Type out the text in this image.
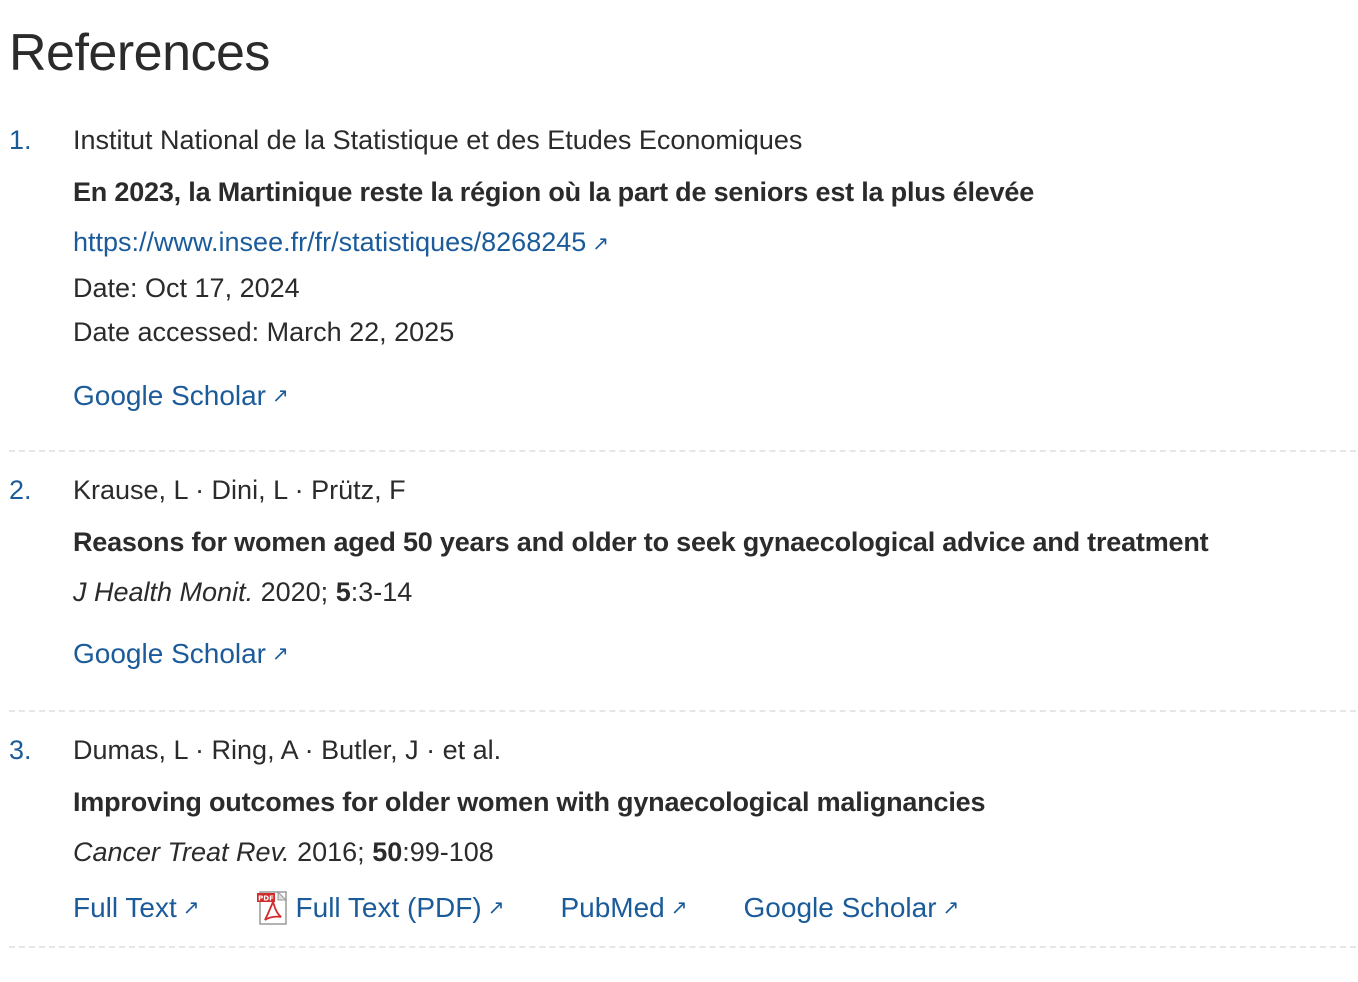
References
1. Institut National de la Statistique et des Etudes Economiques

En 2023, la Martinique reste la région où la part de seniors est la plus élevée

https://www.insee.fr/fr/statistiques/8268245 ↗

Date: Oct 17, 2024

Date accessed: March 22, 2025

Google Scholar ↗
2. Krause, L · Dini, L · Prütz, F

Reasons for women aged 50 years and older to seek gynaecological advice and treatment

J Health Monit. 2020; 5:3-14

Google Scholar ↗
3. Dumas, L · Ring, A · Butler, J · et al.

Improving outcomes for older women with gynaecological malignancies

Cancer Treat Rev. 2016; 50:99-108

Full Text ↗	PDF Full Text (PDF) ↗ PubMed ↗ Google Scholar ↗
